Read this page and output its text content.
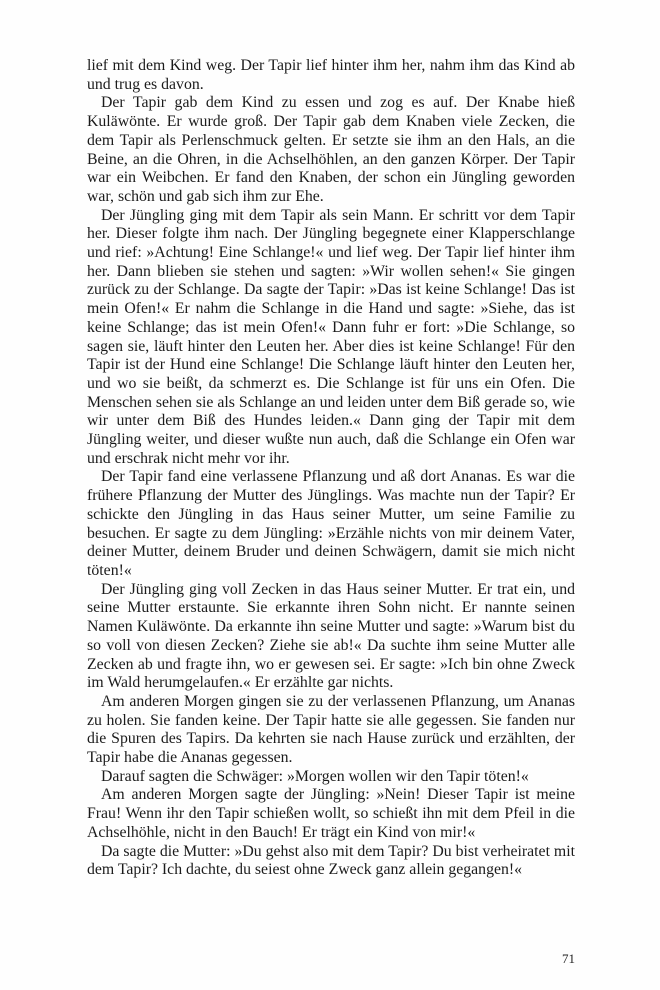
lief mit dem Kind weg. Der Tapir lief hinter ihm her, nahm ihm das Kind ab und trug es davon.

Der Tapir gab dem Kind zu essen und zog es auf. Der Knabe hieß Kuläwönte. Er wurde groß. Der Tapir gab dem Knaben viele Zecken, die dem Tapir als Perlenschmuck gelten. Er setzte sie ihm an den Hals, an die Beine, an die Ohren, in die Achselhöhlen, an den ganzen Körper. Der Tapir war ein Weibchen. Er fand den Knaben, der schon ein Jüngling geworden war, schön und gab sich ihm zur Ehe.

Der Jüngling ging mit dem Tapir als sein Mann. Er schritt vor dem Tapir her. Dieser folgte ihm nach. Der Jüngling begegnete einer Klapperschlange und rief: »Achtung! Eine Schlange!« und lief weg. Der Tapir lief hinter ihm her. Dann blieben sie stehen und sagten: »Wir wollen sehen!« Sie gingen zurück zu der Schlange. Da sagte der Tapir: »Das ist keine Schlange! Das ist mein Ofen!« Er nahm die Schlange in die Hand und sagte: »Siehe, das ist keine Schlange; das ist mein Ofen!« Dann fuhr er fort: »Die Schlange, so sagen sie, läuft hinter den Leuten her. Aber dies ist keine Schlange! Für den Tapir ist der Hund eine Schlange! Die Schlange läuft hinter den Leuten her, und wo sie beißt, da schmerzt es. Die Schlange ist für uns ein Ofen. Die Menschen sehen sie als Schlange an und leiden unter dem Biß gerade so, wie wir unter dem Biß des Hundes leiden.« Dann ging der Tapir mit dem Jüngling weiter, und dieser wußte nun auch, daß die Schlange ein Ofen war und erschrak nicht mehr vor ihr.

Der Tapir fand eine verlassene Pflanzung und aß dort Ananas. Es war die frühere Pflanzung der Mutter des Jünglings. Was machte nun der Tapir? Er schickte den Jüngling in das Haus seiner Mutter, um seine Familie zu besuchen. Er sagte zu dem Jüngling: »Erzähle nichts von mir deinem Vater, deiner Mutter, deinem Bruder und deinen Schwägern, damit sie mich nicht töten!«

Der Jüngling ging voll Zecken in das Haus seiner Mutter. Er trat ein, und seine Mutter erstaunte. Sie erkannte ihren Sohn nicht. Er nannte seinen Namen Kuläwönte. Da erkannte ihn seine Mutter und sagte: »Warum bist du so voll von diesen Zecken? Ziehe sie ab!« Da suchte ihm seine Mutter alle Zecken ab und fragte ihn, wo er gewesen sei. Er sagte: »Ich bin ohne Zweck im Wald herumgelaufen.« Er erzählte gar nichts.

Am anderen Morgen gingen sie zu der verlassenen Pflanzung, um Ananas zu holen. Sie fanden keine. Der Tapir hatte sie alle gegessen. Sie fanden nur die Spuren des Tapirs. Da kehrten sie nach Hause zurück und erzählten, der Tapir habe die Ananas gegessen.

Darauf sagten die Schwäger: »Morgen wollen wir den Tapir töten!«

Am anderen Morgen sagte der Jüngling: »Nein! Dieser Tapir ist meine Frau! Wenn ihr den Tapir schießen wollt, so schießt ihn mit dem Pfeil in die Achselhöhle, nicht in den Bauch! Er trägt ein Kind von mir!«

Da sagte die Mutter: »Du gehst also mit dem Tapir? Du bist verheiratet mit dem Tapir? Ich dachte, du seiest ohne Zweck ganz allein gegangen!«

71
